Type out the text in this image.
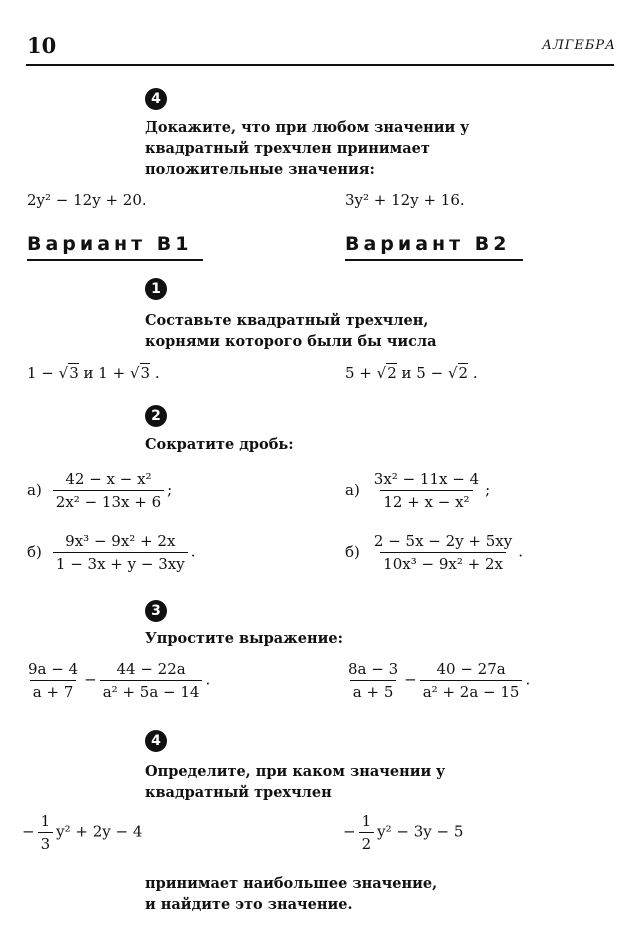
10	АЛГЕБРА
4
Докажите, что при любом значении y
квадратный трехчлен принимает
положительные значения:
2y² − 12y + 20.	3y² + 12y + 16.
Вариант В1	Вариант В2
1
Составьте квадратный трехчлен,
корнями которого были бы числа
1 − √3 и 1 + √3 .	5 + √2 и 5 − √2 .
2
Сократите дробь:
$а) \frac{\text{42 − x − x²}}{\text{2x² − 13x + 6}}$ ;	$а) \frac{\text{3x² − 11x − 4}}{\text{12 + x − x²}}$ ;
$б) \frac{\text{9x³ − 9x² + 2x}}{1 - 3x + y - 3xy}$ .	$б) \frac{2 - 5x - 2y + 5xy}{\text{10x³ − 9x² + 2x}}$ .
3
Упростите выражение:
$\frac{9a - 4}{a + 7} - \frac{44 - 22a}{\text{a² + 5a − 14}}$ .	$\frac{8a - 3}{a + 5} - \frac{40 - 27a}{\text{a² + 2a − 15}}$ .
4
Определите, при каком значении y
квадратный трехчлен
− $\frac{1}{3} y^2 + 2y - 4$	− $\frac{1}{2} y^2 - 3y - 5$
принимает наибольшее значение,
и найдите это значение.
